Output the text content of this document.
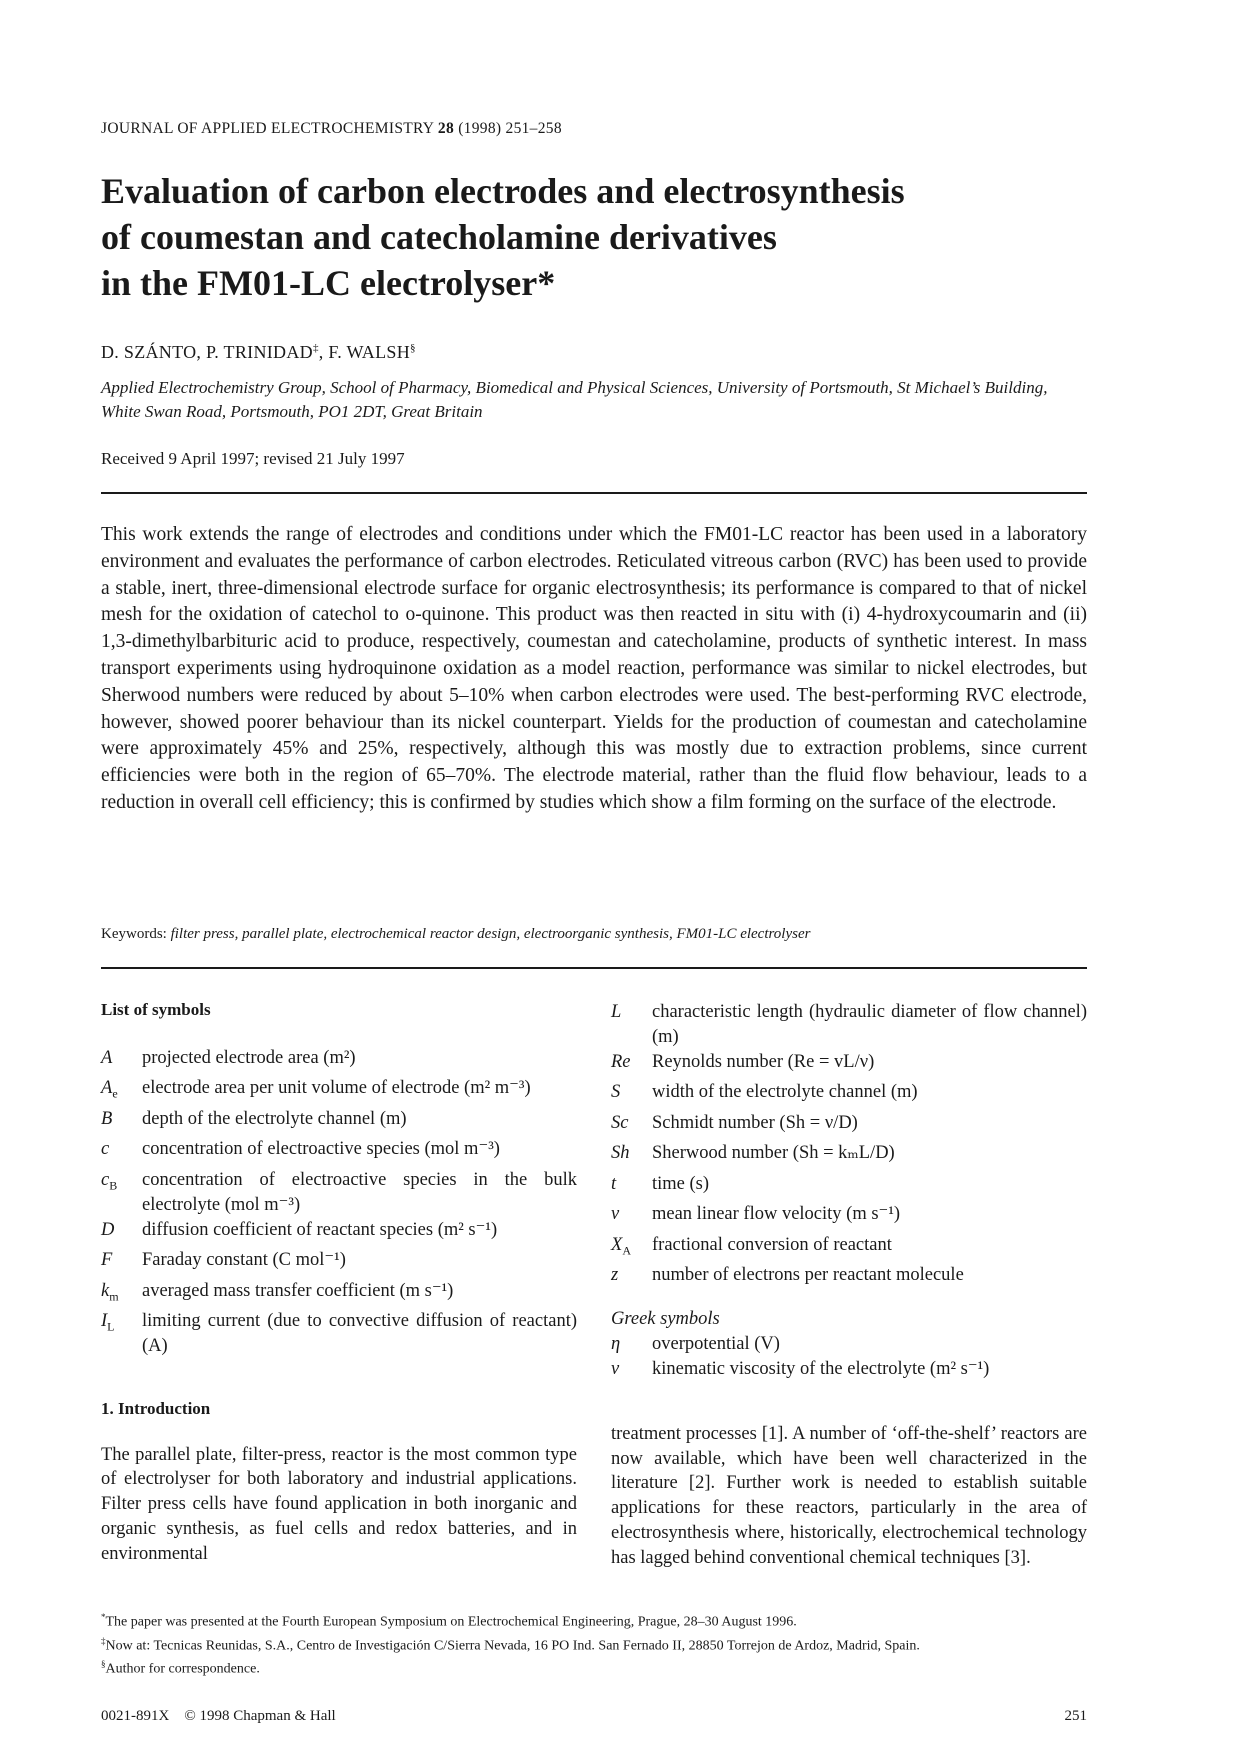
JOURNAL OF APPLIED ELECTROCHEMISTRY 28 (1998) 251–258
Evaluation of carbon electrodes and electrosynthesis
of coumestan and catecholamine derivatives
in the FM01-LC electrolyser*
D. SZÁNTO, P. TRINIDAD‡, F. WALSH§
Applied Electrochemistry Group, School of Pharmacy, Biomedical and Physical Sciences, University of Portsmouth, St Michael’s Building, White Swan Road, Portsmouth, PO1 2DT, Great Britain
Received 9 April 1997; revised 21 July 1997

This work extends the range of electrodes and conditions under which the FM01-LC reactor has been used in a laboratory environment and evaluates the performance of carbon electrodes. Reticulated vitreous carbon (RVC) has been used to provide a stable, inert, three-dimensional electrode surface for organic electrosynthesis; its performance is compared to that of nickel mesh for the oxidation of catechol to o-quinone. This product was then reacted in situ with (i) 4-hydroxycoumarin and (ii) 1,3-dimethylbarbituric acid to produce, respectively, coumestan and catecholamine, products of synthetic interest. In mass transport experiments using hydroquinone oxidation as a model reaction, performance was similar to nickel electrodes, but Sherwood numbers were reduced by about 5–10% when carbon electrodes were used. The best-performing RVC electrode, however, showed poorer behaviour than its nickel counterpart. Yields for the production of coumestan and catecholamine were approximately 45% and 25%, respectively, although this was mostly due to extraction problems, since current efficiencies were both in the region of 65–70%. The electrode material, rather than the fluid flow behaviour, leads to a reduction in overall cell efficiency; this is confirmed by studies which show a film forming on the surface of the electrode.

Keywords: filter press, parallel plate, electrochemical reactor design, electroorganic synthesis, FM01-LC electrolyser
List of symbols
A	projected electrode area (m²)
$A_e$	electrode area per unit volume of electrode (m² m⁻³)
B	depth of the electrolyte channel (m)
c	concentration of electroactive species (mol m⁻³)
$c_B$	concentration of electroactive species in the bulk electrolyte (mol m⁻³)
D	diffusion coefficient of reactant species (m² s⁻¹)
F	Faraday constant (C mol⁻¹)
$k_m$	averaged mass transfer coefficient (m s⁻¹)
$I_L$	limiting current (due to convective diffusion of reactant) (A)
1. Introduction

The parallel plate, filter-press, reactor is the most common type of electrolyser for both laboratory and industrial applications. Filter press cells have found application in both inorganic and organic synthesis, as fuel cells and redox batteries, and in environmental

L	characteristic length (hydraulic diameter of flow channel) (m)
Re	Reynolds number (Re = vL/ν)
S	width of the electrolyte channel (m)
Sc	Schmidt number (Sh = ν/D)
Sh	Sherwood number (Sh = kₘL/D)
t	time (s)
v	mean linear flow velocity (m s⁻¹)
$X_A$	fractional conversion of reactant
z	number of electrons per reactant molecule
Greek symbols
η	overpotential (V)
ν	kinematic viscosity of the electrolyte (m² s⁻¹)

treatment processes [1]. A number of ‘off-the-shelf’ reactors are now available, which have been well characterized in the literature [2]. Further work is needed to establish suitable applications for these reactors, particularly in the area of electrosynthesis where, historically, electrochemical technology has lagged behind conventional chemical techniques [3].

*The paper was presented at the Fourth European Symposium on Electrochemical Engineering, Prague, 28–30 August 1996.

‡Now at: Tecnicas Reunidas, S.A., Centro de Investigación C/Sierra Nevada, 16 PO Ind. San Fernado II, 28850 Torrejon de Ardoz, Madrid, Spain.

§Author for correspondence.

0021-891X © 1998 Chapman & Hall	251
